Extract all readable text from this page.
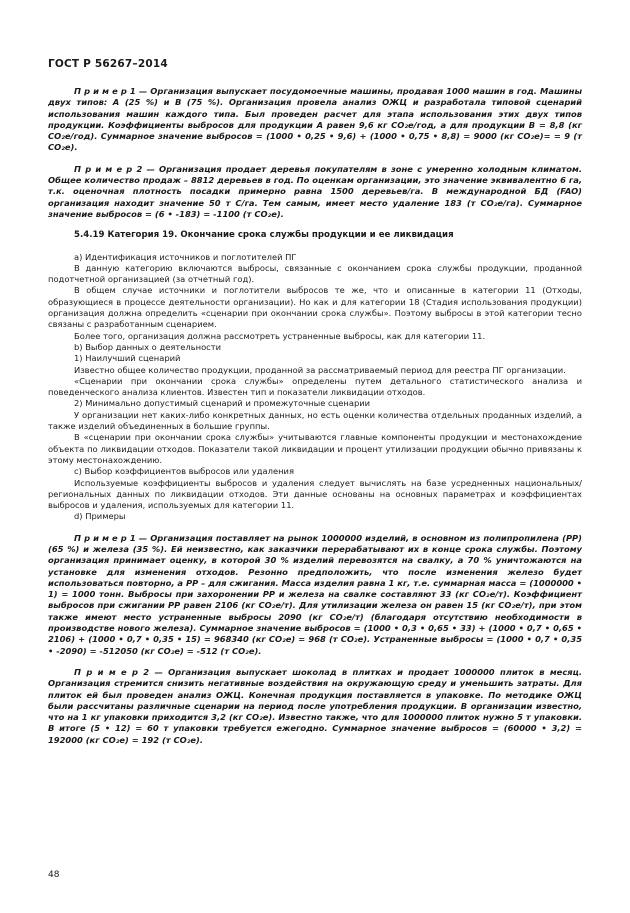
ГОСТ Р 56267–2014

П р и м е р 1 — Организация выпускает посудомоечные машины, продавая 1000 машин в год. Машины двух типов: А (25 %) и В (75 %). Организация провела анализ ОЖЦ и разработала типовой сценарий использования машин каждого типа. Был проведен расчет для этапа использования этих двух типов продукции. Коэффициенты выбросов для продукции А равен 9,6 кг CO₂e/год, а для продукции В = 8,8 (кг CO₂e/год). Суммарное значение выбросов = (1000 • 0,25 • 9,6) + (1000 • 0,75 • 8,8) = 9000 (кг CO₂e)= = 9 (т CO₂e).

П р и м е р 2 — Организация продает деревья покупателям в зоне с умеренно холодным климатом. Общее количество продаж – 8812 деревьев в год. По оценкам организации, это значение эквивалентно 6 га, т.к. оценочная плотность посадки примерно равна 1500 деревьев/га. В международной БД (FAO) организация находит значение 50 т С/га. Тем самым, имеет место удаление 183 (т CO₂e/га). Суммарное значение выбросов = (6 • -183) = -1100 (т CO₂e).

5.4.19 Категория 19. Окончание срока службы продукции и ее ликвидация

а) Идентификация источников и поглотителей ПГ

В данную категорию включаются выбросы, связанные с окончанием срока службы продукции, проданной подотчетной организацией (за отчетный год).

В общем случае источники и поглотители выбросов те же, что и описанные в категории 11 (Отходы, образующиеся в процессе деятельности организации). Но как и для категории 18 (Стадия использования продукции) организация должна определить «сценарии при окончании срока службы». Поэтому выбросы в этой категории тесно связаны с разработанным сценарием.

Более того, организация должна рассмотреть устраненные выбросы, как для категории 11.

b) Выбор данных о деятельности

1) Наилучший сценарий

Известно общее количество продукции, проданной за рассматриваемый период для реестра ПГ организации.

«Сценарии при окончании срока службы» определены путем детального статистического анализа и поведенческого анализа клиентов. Известен тип и показатели ликвидации отходов.

2) Минимально допустимый сценарий и промежуточные сценарии

У организации нет каких-либо конкретных данных, но есть оценки количества отдельных проданных изделий, а также изделий объединенных в большие группы.

В «сценарии при окончании срока службы» учитываются главные компоненты продукции и местонахождение объекта по ликвидации отходов. Показатели такой ликвидации и процент утилизации продукции обычно привязаны к этому местонахождению.

с) Выбор коэффициентов выбросов или удаления

Используемые коэффициенты выбросов и удаления следует вычислять на базе усредненных национальных/региональных данных по ликвидации отходов. Эти данные основаны на основных параметрах и коэффициентах выбросов и удаления, используемых для категории 11.

d) Примеры

П р и м е р 1 — Организация поставляет на рынок 1000000 изделий, в основном из полипропилена (PP) (65 %) и железа (35 %). Ей неизвестно, как заказчики перерабатывают их в конце срока службы. Поэтому организация принимает оценку, в которой 30 % изделий перевозятся на свалку, а 70 % уничтожаются на установке для изменения отходов. Резонно предположить, что после изменения железо будет использоваться повторно, а PP – для сжигания. Масса изделия равна 1 кг, т.е. суммарная масса = (1000000 • 1) = 1000 тонн. Выбросы при захоронении PP и железа на свалке составляют 33 (кг CO₂e/т). Коэффициент выбросов при сжигании PP равен 2106 (кг CO₂e/т). Для утилизации железа он равен 15 (кг CO₂e/т), при этом также имеют место устраненные выбросы 2090 (кг CO₂e/т) (благодаря отсутствию необходимости в производстве нового железа). Суммарное значение выбросов = (1000 • 0,3 • 0,65 • 33) + (1000 • 0,7 • 0,65 • 2106) + (1000 • 0,7 • 0,35 • 15) = 968340 (кг CO₂e) = 968 (т CO₂e). Устраненные выбросы = (1000 • 0,7 • 0,35 • -2090) = -512050 (кг CO₂e) = -512 (т CO₂e).

П р и м е р 2 — Организация выпускает шоколад в плитках и продает 1000000 плиток в месяц. Организация стремится снизить негативные воздействия на окружающую среду и уменьшить затраты. Для плиток ей был проведен анализ ОЖЦ. Конечная продукция поставляется в упаковке. По методике ОЖЦ были рассчитаны различные сценарии на период после употребления продукции. В организации известно, что на 1 кг упаковки приходится 3,2 (кг CO₂e). Известно также, что для 1000000 плиток нужно 5 т упаковки. В итоге (5 • 12) = 60 т упаковки требуется ежегодно. Суммарное значение выбросов = (60000 • 3,2) = 192000 (кг CO₂e) = 192 (т CO₂e).

48
